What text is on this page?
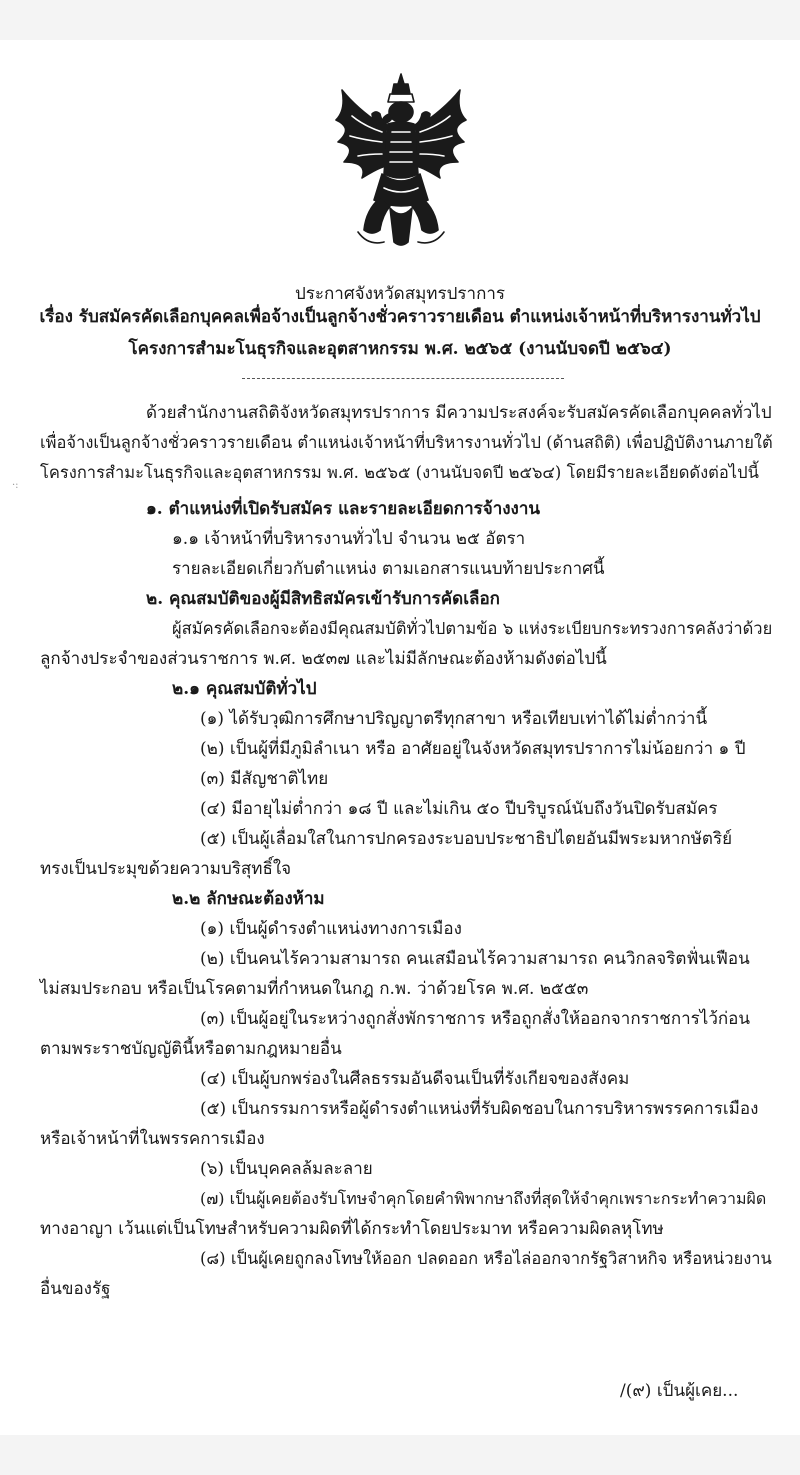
ประกาศจังหวัดสมุทรปราการ
เรื่อง รับสมัครคัดเลือกบุคคลเพื่อจ้างเป็นลูกจ้างชั่วคราวรายเดือน ตำแหน่งเจ้าหน้าที่บริหารงานทั่วไป
โครงการสำมะโนธุรกิจและอุตสาหกรรม พ.ศ. ๒๕๖๕ (งานนับจดปี ๒๕๖๔)
ด้วยสำนักงานสถิติจังหวัดสมุทรปราการ มีความประสงค์จะรับสมัครคัดเลือกบุคคลทั่วไป
เพื่อจ้างเป็นลูกจ้างชั่วคราวรายเดือน ตำแหน่งเจ้าหน้าที่บริหารงานทั่วไป (ด้านสถิติ) เพื่อปฏิบัติงานภายใต้
โครงการสำมะโนธุรกิจและอุตสาหกรรม พ.ศ. ๒๕๖๕ (งานนับจดปี ๒๕๖๔) โดยมีรายละเอียดดังต่อไปนี้
·:
๑. ตำแหน่งที่เปิดรับสมัคร และรายละเอียดการจ้างงาน
๑.๑ เจ้าหน้าที่บริหารงานทั่วไป จำนวน ๒๕ อัตรา
รายละเอียดเกี่ยวกับตำแหน่ง ตามเอกสารแนบท้ายประกาศนี้
๒. คุณสมบัติของผู้มีสิทธิสมัครเข้ารับการคัดเลือก
ผู้สมัครคัดเลือกจะต้องมีคุณสมบัติทั่วไปตามข้อ ๖ แห่งระเบียบกระทรวงการคลังว่าด้วย
ลูกจ้างประจำของส่วนราชการ พ.ศ. ๒๕๓๗ และไม่มีลักษณะต้องห้ามดังต่อไปนี้
๒.๑ คุณสมบัติทั่วไป
(๑) ได้รับวุฒิการศึกษาปริญญาตรีทุกสาขา หรือเทียบเท่าได้ไม่ต่ำกว่านี้
(๒) เป็นผู้ที่มีภูมิลำเนา หรือ อาศัยอยู่ในจังหวัดสมุทรปราการไม่น้อยกว่า ๑ ปี
(๓) มีสัญชาติไทย
(๔) มีอายุไม่ต่ำกว่า ๑๘ ปี และไม่เกิน ๕๐ ปีบริบูรณ์นับถึงวันปิดรับสมัคร
(๕) เป็นผู้เลื่อมใสในการปกครองระบอบประชาธิปไตยอันมีพระมหากษัตริย์
ทรงเป็นประมุขด้วยความบริสุทธิ์ใจ
๒.๒ ลักษณะต้องห้าม
(๑) เป็นผู้ดำรงตำแหน่งทางการเมือง
(๒) เป็นคนไร้ความสามารถ คนเสมือนไร้ความสามารถ คนวิกลจริตฟั่นเฟือน
ไม่สมประกอบ หรือเป็นโรคตามที่กำหนดในกฎ ก.พ. ว่าด้วยโรค พ.ศ. ๒๕๕๓
(๓) เป็นผู้อยู่ในระหว่างถูกสั่งพักราชการ หรือถูกสั่งให้ออกจากราชการไว้ก่อน
ตามพระราชบัญญัตินี้หรือตามกฎหมายอื่น
(๔) เป็นผู้บกพร่องในศีลธรรมอันดีจนเป็นที่รังเกียจของสังคม
(๕) เป็นกรรมการหรือผู้ดำรงตำแหน่งที่รับผิดชอบในการบริหารพรรคการเมือง
หรือเจ้าหน้าที่ในพรรคการเมือง
(๖) เป็นบุคคลล้มละลาย
(๗) เป็นผู้เคยต้องรับโทษจำคุกโดยคำพิพากษาถึงที่สุดให้จำคุกเพราะกระทำความผิด
ทางอาญา เว้นแต่เป็นโทษสำหรับความผิดที่ได้กระทำโดยประมาท หรือความผิดลหุโทษ
(๘) เป็นผู้เคยถูกลงโทษให้ออก ปลดออก หรือไล่ออกจากรัฐวิสาหกิจ หรือหน่วยงาน
อื่นของรัฐ
/(๙) เป็นผู้เคย...
